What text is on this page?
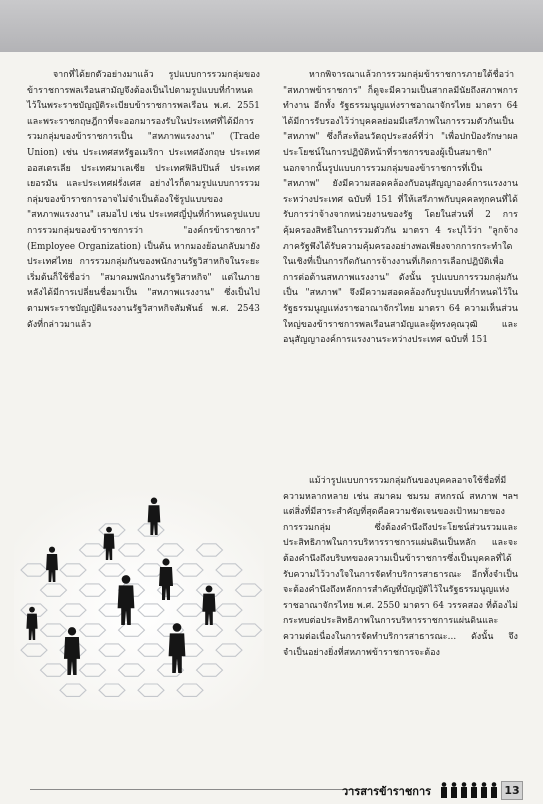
จากที่ได้ยกตัวอย่างมาแล้ว รูปแบบการรวมกลุ่มของข้าราชการพลเรือนสามัญจึงต้องเป็นไปตามรูปแบบที่กำหนดไว้ในพระราชบัญญัติระเบียบข้าราชการพลเรือน พ.ศ. 2551 และพระราชกฤษฎีกาที่จะออกมารองรับในประเทศที่ได้มีการรวมกลุ่มของข้าราชการเป็น "สหภาพแรงงาน" (Trade Union) เช่น ประเทศสหรัฐอเมริกา ประเทศอังกฤษ ประเทศออสเตรเลีย ประเทศมาเลเซีย ประเทศฟิลิปปินส์ ประเทศเยอรมัน และประเทศฝรั่งเศส อย่างไรก็ตามรูปแบบการรวมกลุ่มของข้าราชการอาจไม่จำเป็นต้องใช้รูปแบบของ "สหภาพแรงงาน" เสมอไป เช่น ประเทศญี่ปุ่นที่กำหนดรูปแบบการรวมกลุ่มของข้าราชการว่า "องค์กรข้าราชการ" (Employee Organization) เป็นต้น หากมองย้อนกลับมายังประเทศไทย การรวมกลุ่มกันของพนักงานรัฐวิสาหกิจในระยะเริ่มต้นก็ใช้ชื่อว่า "สมาคมพนักงานรัฐวิสาหกิจ" แต่ในภายหลังได้มีการเปลี่ยนชื่อมาเป็น "สหภาพแรงงาน" ซึ่งเป็นไปตามพระราชบัญญัติแรงงานรัฐวิสาหกิจสัมพันธ์ พ.ศ. 2543 ดังที่กล่าวมาแล้ว

หากพิจารณาแล้วการรวมกลุ่มข้าราชการภายใต้ชื่อว่า "สหภาพข้าราชการ" ก็ดูจะมีความเป็นสากลมีนัยถึงสภาพการทำงาน อีกทั้ง รัฐธรรมนูญแห่งราชอาณาจักรไทย มาตรา 64 ได้มีการรับรองไว้ว่าบุคคลย่อมมีเสรีภาพในการรวมตัวกันเป็น "สหภาพ" ซึ่งก็สะท้อนวัตถุประสงค์ที่ว่า "เพื่อปกป้องรักษาผลประโยชน์ในการปฏิบัติหน้าที่ราชการของผู้เป็นสมาชิก" นอกจากนั้นรูปแบบการรวมกลุ่มของข้าราชการที่เป็น "สหภาพ" ยังมีความสอดคล้องกับอนุสัญญาองค์การแรงงานระหว่างประเทศ ฉบับที่ 151 ที่ให้เสรีภาพกับบุคคลทุกคนที่ได้รับการว่าจ้างจากหน่วยงานของรัฐ โดยในส่วนที่ 2 การคุ้มครองสิทธิในการรวมตัวกัน มาตรา 4 ระบุไว้ว่า "ลูกจ้างภาครัฐพึงได้รับความคุ้มครองอย่างพอเพียงจากการกระทำใด ในเชิงที่เป็นการกีดกันการจ้างงานที่เกิดการเลือกปฏิบัติเพื่อการต่อต้านสหภาพแรงงาน" ดังนั้น รูปแบบการรวมกลุ่มกันเป็น "สหภาพ" จึงมีความสอดคล้องกับรูปแบบที่กำหนดไว้ในรัฐธรรมนูญแห่งราชอาณาจักรไทย มาตรา 64 ความเห็นส่วนใหญ่ของข้าราชการพลเรือนสามัญและผู้ทรงคุณวุฒิ และอนุสัญญาองค์การแรงงานระหว่างประเทศ ฉบับที่ 151

แม้ว่ารูปแบบการรวมกลุ่มกันของบุคคลอาจใช้ชื่อที่มีความหลากหลาย เช่น สมาคม ชมรม สหกรณ์ สหภาพ ฯลฯ แต่สิ่งที่มีสาระสำคัญที่สุดคือความชัดเจนของเป้าหมายของการรวมกลุ่ม ซึ่งต้องคำนึงถึงประโยชน์ส่วนรวมและประสิทธิภาพในการบริหารราชการแผ่นดินเป็นหลัก และจะต้องคำนึงถึงบริบทของความเป็นข้าราชการซึ่งเป็นบุคคลที่ได้รับความไว้วางใจในการจัดทำบริการสาธารณะ อีกทั้งจำเป็นจะต้องคำนึงถึงหลักการสำคัญที่บัญญัติไว้ในรัฐธรรมนูญแห่งราชอาณาจักรไทย พ.ศ. 2550 มาตรา 64 วรรคสอง ที่ต้องไม่กระทบต่อประสิทธิภาพในการบริหารราชการแผ่นดินและความต่อเนื่องในการจัดทำบริการสาธารณะ... ดังนั้น จึงจำเป็นอย่างยิ่งที่สหภาพข้าราชการจะต้อง

วารสารข้าราชการ	13
